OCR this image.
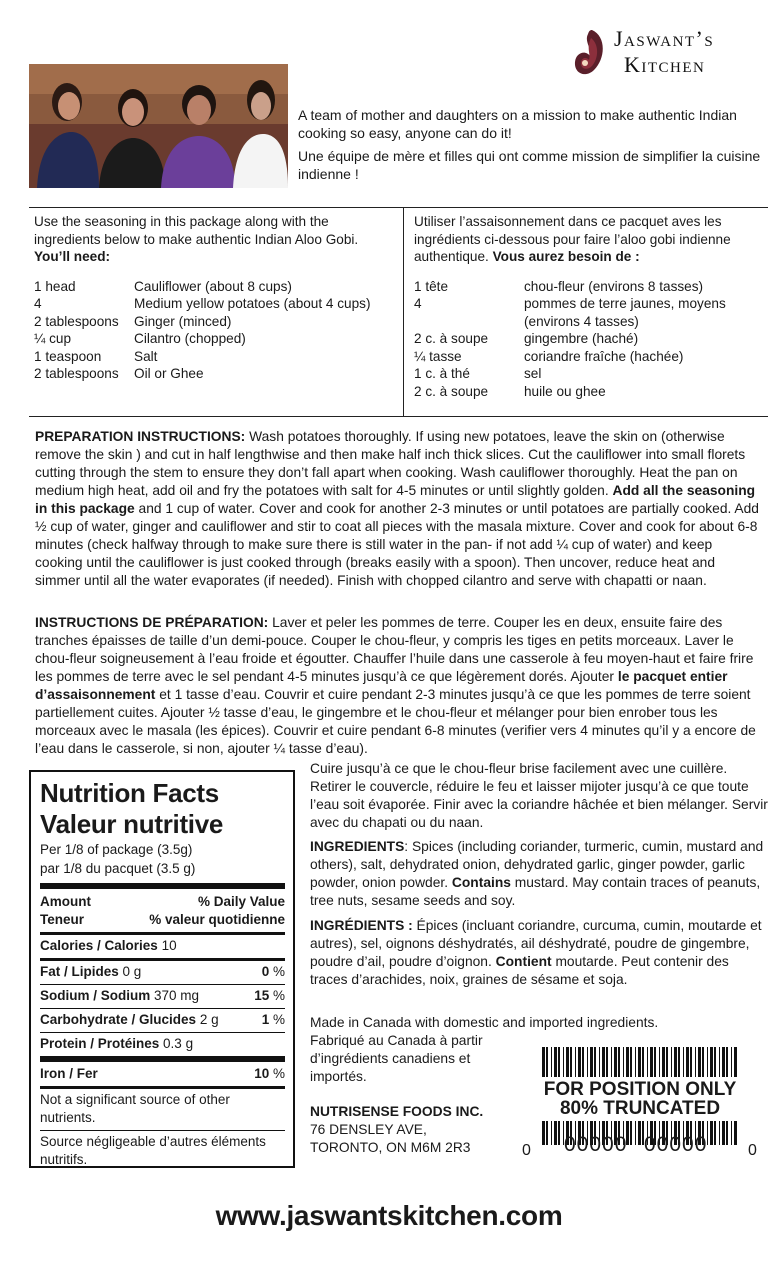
Jaswant’s
Kitchen

A team of mother and daughters on a mission to make authentic Indian cooking so easy, anyone can do it!

Une équipe de mère et filles qui ont comme mission de simplifier la cuisine indienne !

Use the seasoning in this package along with the ingredients below to make authentic Indian Aloo Gobi.
You’ll need:

1 head	Cauliflower (about 8 cups)
4	Medium yellow potatoes (about 4 cups)
2 tablespoons	Ginger (minced)
¼ cup	Cilantro (chopped)
1 teaspoon	Salt
2 tablespoons	Oil or Ghee

Utiliser l’assaisonnement dans ce pacquet aves les ingrédients ci-dessous pour faire l’aloo gobi indienne authentique. Vous aurez besoin de :

1 tête	chou-fleur (environs 8 tasses)
4	pommes de terre jaunes, moyens (environs 4 tasses)
2 c. à soupe	gingembre (haché)
¼ tasse	coriandre fraîche (hachée)
1 c. à thé	sel
2 c. à soupe	huile ou ghee

PREPARATION INSTRUCTIONS: Wash potatoes thoroughly. If using new potatoes, leave the skin on (otherwise remove the skin ) and cut in half lengthwise and then make half inch thick slices. Cut the cauliflower into small florets cutting through the stem to ensure they don’t fall apart when cooking. Wash cauliflower thoroughly. Heat the pan on medium high heat, add oil and fry the potatoes with salt for 4-5 minutes or until slightly golden. Add all the seasoning in this package and 1 cup of water. Cover and cook for another 2-3 minutes or until potatoes are partially cooked. Add ½ cup of water, ginger and cauliflower and stir to coat all pieces with the masala mixture. Cover and cook for about 6-8 minutes (check halfway through to make sure there is still water in the pan- if not add ¼ cup of water) and keep cooking until the cauliflower is just cooked through (breaks easily with a spoon). Then uncover, reduce heat and simmer until all the water evaporates (if needed). Finish with chopped cilantro and serve with chapatti or naan.

INSTRUCTIONS DE PRÉPARATION: Laver et peler les pommes de terre. Couper les en deux, ensuite faire des tranches épaisses de taille d’un demi-pouce. Couper le chou-fleur, y compris les tiges en petits morceaux. Laver le chou-fleur soigneusement à l’eau froide et égoutter. Chauffer l’huile dans une casserole à feu moyen-haut et faire frire les pommes de terre avec le sel pendant 4-5 minutes jusqu’à ce que légèrement dorés. Ajouter le pacquet entier d’assaisonnement et 1 tasse d’eau. Couvrir et cuire pendant 2-3 minutes jusqu’à ce que les pommes de terre soient partiellement cuites. Ajouter ½ tasse d’eau, le gingembre et le chou-fleur et mélanger pour bien enrober tous les morceaux avec le masala (les épices). Couvrir et cuire pendant 6-8 minutes (verifier vers 4 minutes qu’il y a encore de l’eau dans le casserole, si non, ajouter ¼ tasse d’eau).

Nutrition Facts
Valeur nutritive
Per 1/8 of package (3.5g)
par 1/8 du pacquet (3.5 g)
Amount	% Daily Value
Teneur	% valeur quotidienne
Calories / Calories 10
Fat / Lipides 0 g	0 %
Sodium / Sodium 370 mg	15 %
Carbohydrate / Glucides 2 g	1 %
Protein / Protéines 0.3 g
Iron / Fer	10 %
Not a significant source of other nutrients.
Source négligeable d’autres éléments nutritifs.

Cuire jusqu’à ce que le chou-fleur brise facilement avec une cuillère. Retirer le couvercle, réduire le feu et laisser mijoter jusqu’à ce que toute l’eau soit évaporée. Finir avec la coriandre hâchée et bien mélanger. Servir avec du chapati ou du naan.

INGREDIENTS: Spices (including coriander, turmeric, cumin, mustard and others), salt, dehydrated onion, dehydrated garlic, ginger powder, garlic powder, onion powder. Contains mustard. May contain traces of peanuts, tree nuts, sesame seeds and soy.

INGRÉDIENTS : Épices (incluant coriandre, curcuma, cumin, moutarde et autres), sel, oignons déshydratés, ail déshydraté, poudre de gingembre, poudre d’ail, poudre d’oignon. Contient moutarde. Peut contenir des traces d’arachides, noix, graines de sésame et soja.

Made in Canada with domestic and imported ingredients.

Fabriqué au Canada à partir d’ingrédients canadiens et importés.

NUTRISENSE FOODS INC.
76 DENSLEY AVE,
TORONTO, ON M6M 2R3
FOR POSITION ONLY
80% TRUNCATED
0 00000 00000	0
www.jaswantskitchen.com
